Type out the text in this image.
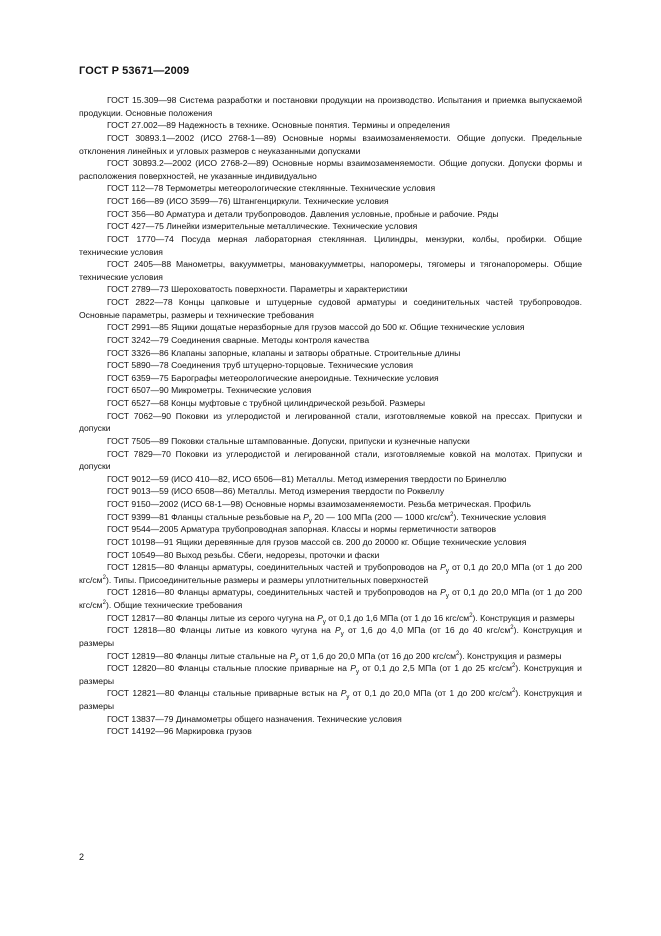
ГОСТ Р 53671—2009

ГОСТ 15.309—98 Система разработки и постановки продукции на производство. Испытания и приемка выпускаемой продукции. Основные положения

ГОСТ 27.002—89 Надежность в технике. Основные понятия. Термины и определения

ГОСТ 30893.1—2002 (ИСО 2768-1—89) Основные нормы взаимозаменяемости. Общие допуски. Предельные отклонения линейных и угловых размеров с неуказанными допусками

ГОСТ 30893.2—2002 (ИСО 2768-2—89) Основные нормы взаимозаменяемости. Общие допуски. Допуски формы и расположения поверхностей, не указанные индивидуально

ГОСТ 112—78 Термометры метеорологические стеклянные. Технические условия

ГОСТ 166—89 (ИСО 3599—76) Штангенциркули. Технические условия

ГОСТ 356—80 Арматура и детали трубопроводов. Давления условные, пробные и рабочие. Ряды

ГОСТ 427—75 Линейки измерительные металлические. Технические условия

ГОСТ 1770—74 Посуда мерная лабораторная стеклянная. Цилиндры, мензурки, колбы, пробирки. Общие технические условия

ГОСТ 2405—88 Манометры, вакуумметры, мановакуумметры, напоромеры, тягомеры и тягонапоромеры. Общие технические условия

ГОСТ 2789—73 Шероховатость поверхности. Параметры и характеристики

ГОСТ 2822—78 Концы цапковые и штуцерные судовой арматуры и соединительных частей трубопроводов. Основные параметры, размеры и технические требования

ГОСТ 2991—85 Ящики дощатые неразборные для грузов массой до 500 кг. Общие технические условия

ГОСТ 3242—79 Соединения сварные. Методы контроля качества

ГОСТ 3326—86 Клапаны запорные, клапаны и затворы обратные. Строительные длины

ГОСТ 5890—78 Соединения труб штуцерно-торцовые. Технические условия

ГОСТ 6359—75 Барографы метеорологические анероидные. Технические условия

ГОСТ 6507—90 Микрометры. Технические условия

ГОСТ 6527—68 Концы муфтовые с трубной цилиндрической резьбой. Размеры

ГОСТ 7062—90 Поковки из углеродистой и легированной стали, изготовляемые ковкой на прессах. Припуски и допуски

ГОСТ 7505—89 Поковки стальные штампованные. Допуски, припуски и кузнечные напуски

ГОСТ 7829—70 Поковки из углеродистой и легированной стали, изготовляемые ковкой на молотах. Припуски и допуски

ГОСТ 9012—59 (ИСО 410—82, ИСО 6506—81) Металлы. Метод измерения твердости по Бринеллю

ГОСТ 9013—59 (ИСО 6508—86) Металлы. Метод измерения твердости по Роквеллу

ГОСТ 9150—2002 (ИСО 68-1—98) Основные нормы взаимозаменяемости. Резьба метрическая. Профиль

ГОСТ 9399—81 Фланцы стальные резьбовые на $P_у$ 20 — 100 МПа (200 — 1000 кгс/$см^2$). Технические условия

ГОСТ 9544—2005 Арматура трубопроводная запорная. Классы и нормы герметичности затворов

ГОСТ 10198—91 Ящики деревянные для грузов массой св. 200 до 20000 кг. Общие технические условия

ГОСТ 10549—80 Выход резьбы. Сбеги, недорезы, проточки и фаски

ГОСТ 12815—80 Фланцы арматуры, соединительных частей и трубопроводов на $P_у$ от 0,1 до 20,0 МПа (от 1 до 200 кгс/$см^2$). Типы. Присоединительные размеры и размеры уплотнительных поверхностей

ГОСТ 12816—80 Фланцы арматуры, соединительных частей и трубопроводов на $P_у$ от 0,1 до 20,0 МПа (от 1 до 200 кгс/$см^2$). Общие технические требования

ГОСТ 12817—80 Фланцы литые из серого чугуна на $P_у$ от 0,1 до 1,6 МПа (от 1 до 16 кгс/$см^2$). Конструкция и размеры

ГОСТ 12818—80 Фланцы литые из ковкого чугуна на $P_у$ от 1,6 до 4,0 МПа (от 16 до 40 кгс/$см^2$). Конструкция и размеры

ГОСТ 12819—80 Фланцы литые стальные на $P_у$ от 1,6 до 20,0 МПа (от 16 до 200 кгс/$см^2$). Конструкция и размеры

ГОСТ 12820—80 Фланцы стальные плоские приварные на $P_у$ от 0,1 до 2,5 МПа (от 1 до 25 кгс/$см^2$). Конструкция и размеры

ГОСТ 12821—80 Фланцы стальные приварные встык на $P_у$ от 0,1 до 20,0 МПа (от 1 до 200 кгс/$см^2$). Конструкция и размеры

ГОСТ 13837—79 Динамометры общего назначения. Технические условия

ГОСТ 14192—96 Маркировка грузов

2
